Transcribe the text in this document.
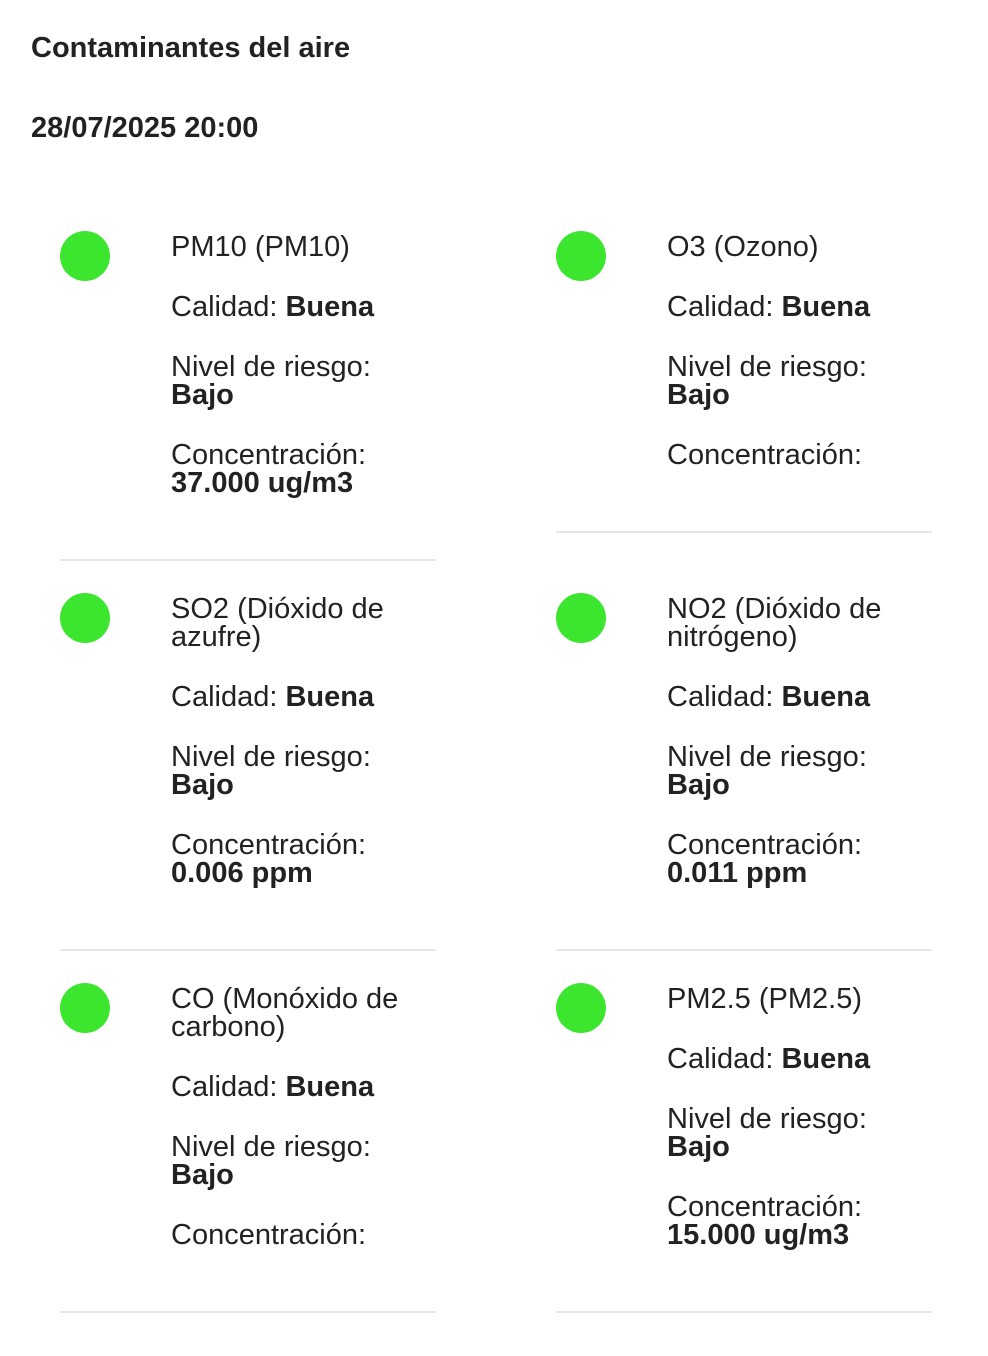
Contaminantes del aire
28/07/2025 20:00
PM10 (PM10)
Calidad: Buena
Nivel de riesgo:
Bajo
Concentración:
37.000 ug/m3
O3 (Ozono)
Calidad: Buena
Nivel de riesgo:
Bajo
Concentración:
SO2 (Dióxido de azufre)
Calidad: Buena
Nivel de riesgo:
Bajo
Concentración:
0.006 ppm
NO2 (Dióxido de nitrógeno)
Calidad: Buena
Nivel de riesgo:
Bajo
Concentración:
0.011 ppm
CO (Monóxido de carbono)
Calidad: Buena
Nivel de riesgo:
Bajo
Concentración:
PM2.5 (PM2.5)
Calidad: Buena
Nivel de riesgo:
Bajo
Concentración:
15.000 ug/m3
